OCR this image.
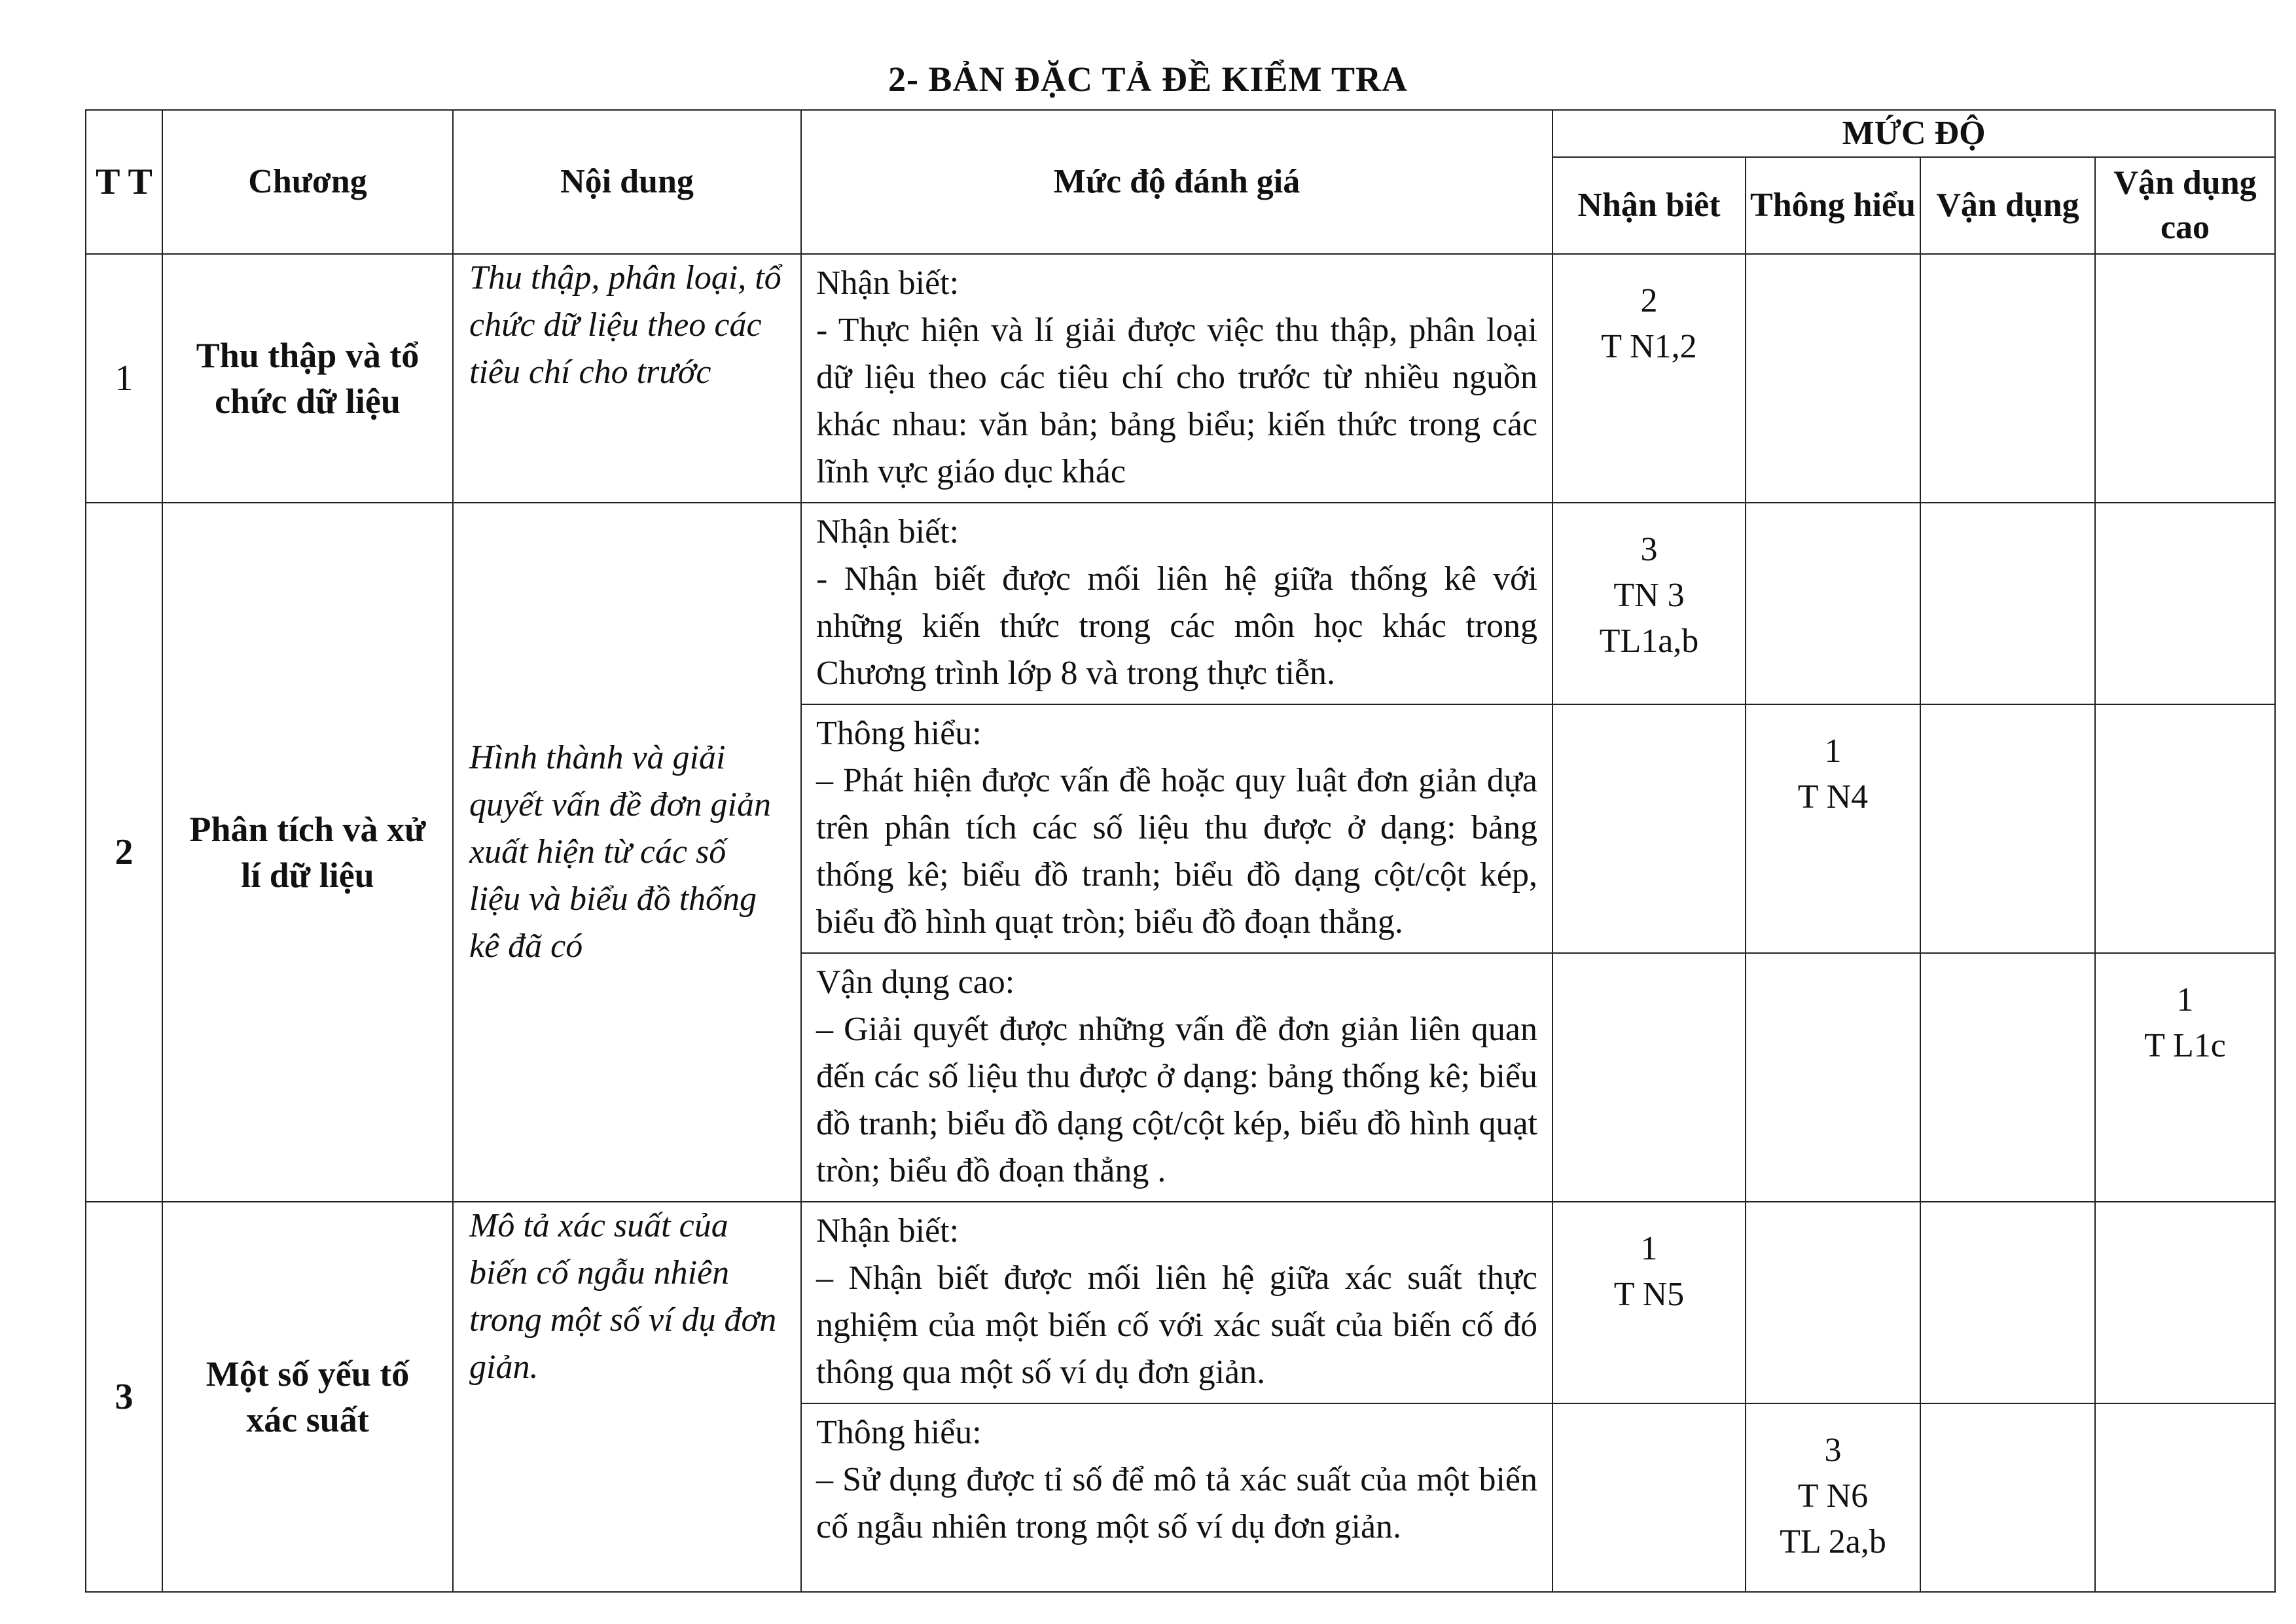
2- BẢN ĐẶC TẢ ĐỀ KIỂM TRA
T T	Chương	Nội dung	Mức độ đánh giá	MỨC ĐỘ			
				Nhận biêt	Thông hiểu	Vận dụng	Vận dụng cao
1	Thu thập và tổ chức dữ liệu	Thu thập, phân loại, tổ chức dữ liệu theo các tiêu chí cho trước	Nhận biết:
- Thực hiện và lí giải được việc thu thập, phân loại dữ liệu theo các tiêu chí cho trước từ nhiều nguồn khác nhau: văn bản; bảng biểu; kiến thức trong các lĩnh vực giáo dục khác	2
T N1,2			

2	Phân tích và xử lí dữ liệu	Hình thành và giải quyết vấn đề đơn giản xuất hiện từ các số liệu và biểu đồ thống kê đã có	Nhận biết:
- Nhận biết được mối liên hệ giữa thống kê với những kiến thức trong các môn học khác trong Chương trình lớp 8 và trong thực tiễn.	3
TN 3
TL1a,b			

			Thông hiểu:
– Phát hiện được vấn đề hoặc quy luật đơn giản dựa trên phân tích các số liệu thu được ở dạng: bảng thống kê; biểu đồ tranh; biểu đồ dạng cột/cột kép, biểu đồ hình quạt tròn; biểu đồ đoạn thẳng.		1
T N4		

			Vận dụng cao:
– Giải quyết được những vấn đề đơn giản liên quan đến các số liệu thu được ở dạng: bảng thống kê; biểu đồ tranh; biểu đồ dạng cột/cột kép, biểu đồ hình quạt tròn; biểu đồ đoạn thẳng .				1
T L1c

3	Một số yếu tố xác suất	Mô tả xác suất của biến cố ngẫu nhiên trong một số ví dụ đơn giản.	Nhận biết:
– Nhận biết được mối liên hệ giữa xác suất thực nghiệm của một biến cố với xác suất của biến cố đó thông qua một số ví dụ đơn giản.	1
T N5			

			Thông hiểu:
– Sử dụng được tỉ số để mô tả xác suất của một biến cố ngẫu nhiên trong một số ví dụ đơn giản.		3
T N6
TL 2a,b		
